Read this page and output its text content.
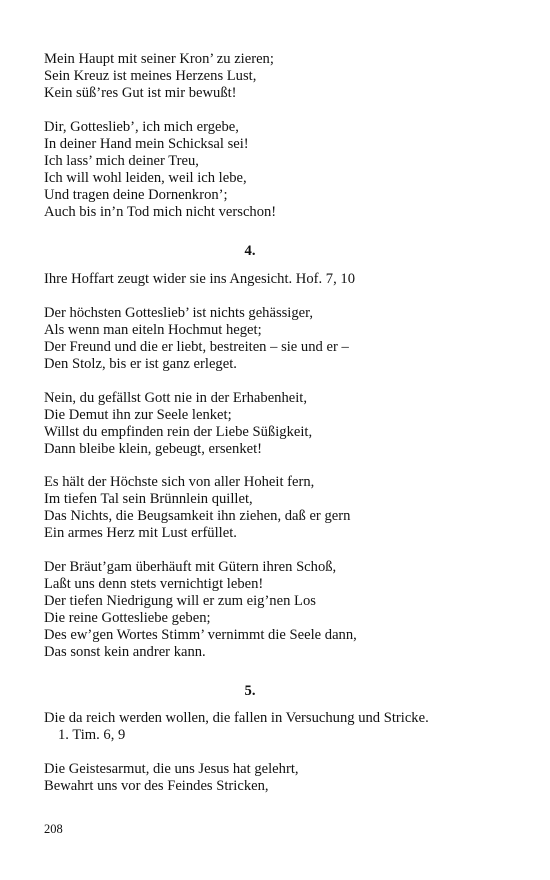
Mein Haupt mit seiner Kron’ zu zieren;
Sein Kreuz ist meines Herzens Lust,
Kein süß’res Gut ist mir bewußt!
Dir, Gotteslieb’, ich mich ergebe,
In deiner Hand mein Schicksal sei!
Ich lass’ mich deiner Treu,
Ich will wohl leiden, weil ich lebe,
Und tragen deine Dornenkron’;
Auch bis in’n Tod mich nicht verschon!
4.
Ihre Hoffart zeugt wider sie ins Angesicht. Hof. 7, 10
Der höchsten Gotteslieb’ ist nichts gehässiger,
Als wenn man eiteln Hochmut heget;
Der Freund und die er liebt, bestreiten – sie und er –
Den Stolz, bis er ist ganz erleget.
Nein, du gefällst Gott nie in der Erhabenheit,
Die Demut ihn zur Seele lenket;
Willst du empfinden rein der Liebe Süßigkeit,
Dann bleibe klein, gebeugt, ersenket!
Es hält der Höchste sich von aller Hoheit fern,
Im tiefen Tal sein Brünnlein quillet,
Das Nichts, die Beugsamkeit ihn ziehen, daß er gern
Ein armes Herz mit Lust erfüllet.
Der Bräut’gam überhäuft mit Gütern ihren Schoß,
Laßt uns denn stets vernichtigt leben!
Der tiefen Niedrigung will er zum eig’nen Los
Die reine Gottesliebe geben;
Des ew’gen Wortes Stimm’ vernimmt die Seele dann,
Das sonst kein andrer kann.
5.
Die da reich werden wollen, die fallen in Versuchung und Stricke.
1. Tim. 6, 9
Die Geistesarmut, die uns Jesus hat gelehrt,
Bewahrt uns vor des Feindes Stricken,
208
